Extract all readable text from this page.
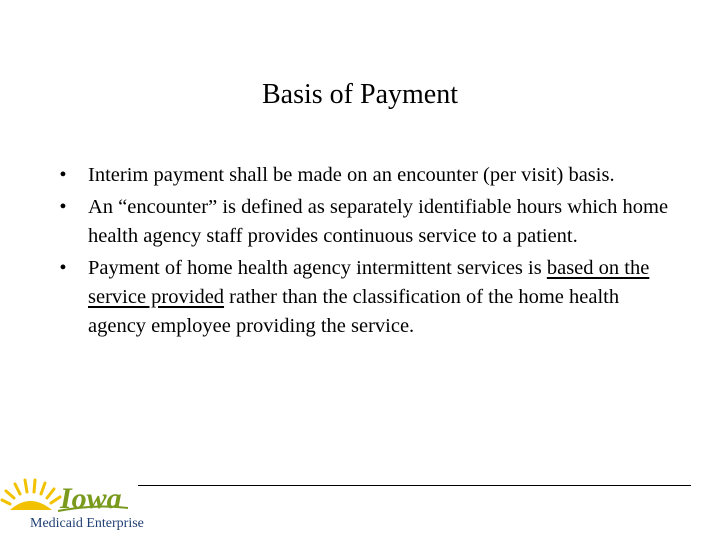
Basis of Payment
• Interim payment shall be made on an encounter (per visit) basis.
• An “encounter” is defined as separately identifiable hours which home health agency staff provides continuous service to a patient.
• Payment of home health agency intermittent services is based on the service provided rather than the classification of the home health agency employee providing the service.
Iowa
Medicaid Enterprise
